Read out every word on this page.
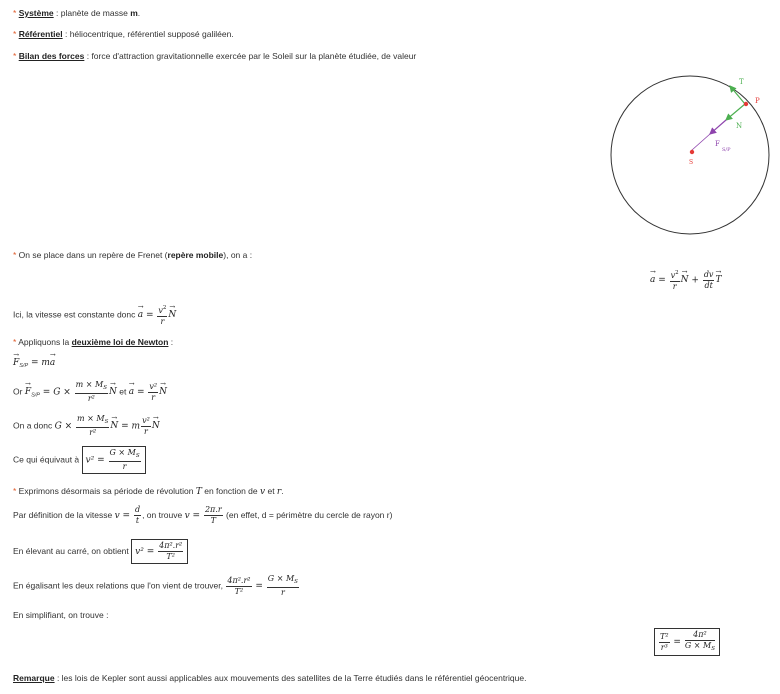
* Système : planète de masse m.
* Référentiel : héliocentrique, référentiel supposé galiléen.
* Bilan des forces : force d'attraction gravitationnelle exercée par le Soleil sur la planète étudiée, de valeur
T
P
N
F
S/P
S
* On se place dans un repère de Frenet (repère mobile), on a :
→ $a = \frac{v^2}{r}$
→ $N + \frac{dv}{dt}$
→ T
Ici, la vitesse est constante donc → $a = \frac{v^2}{r}$
→ N
* Appliquons la deuxième loi de Newton :
→ $F_{S/P} = m\to a$
$Or \to F_{S/P} = G \times \frac{m \times M_S}{\text{r²}}$
→ N et → $a = \frac{\text{v²}}{r}$
→ N
On a donc $G \times \frac{m \times M_S}{\text{r²}}$
→ N = m $\frac{\text{v²}}{r}$
→ N
Ce qui équivaut à $v^2 = \frac{G \times M_S}{r}$
* Exprimons désormais sa période de révolution T en fonction de v et r.
Par définition de la vitesse $v = \frac{d}{t}$ , on trouve $v = \frac{2\pi.r}{T} (en$ effet, d = périmètre du cercle de rayon r)
En élevant au carré, on obtient $v^2 = \frac{\text{4π².r²}}{\text{T²}}$
En égalisant les deux relations que l'on vient de trouver, $\frac{\text{4π².r²}}{\text{T²}} = \frac{G \times M_S}{r}$
En simplifiant, on trouve :
$\frac{\text{T²}}{\text{r³}} = \frac{\text{4π²}}{G \times M_S}$
Remarque : les lois de Kepler sont aussi applicables aux mouvements des satellites de la Terre étudiés dans le référentiel géocentrique.
